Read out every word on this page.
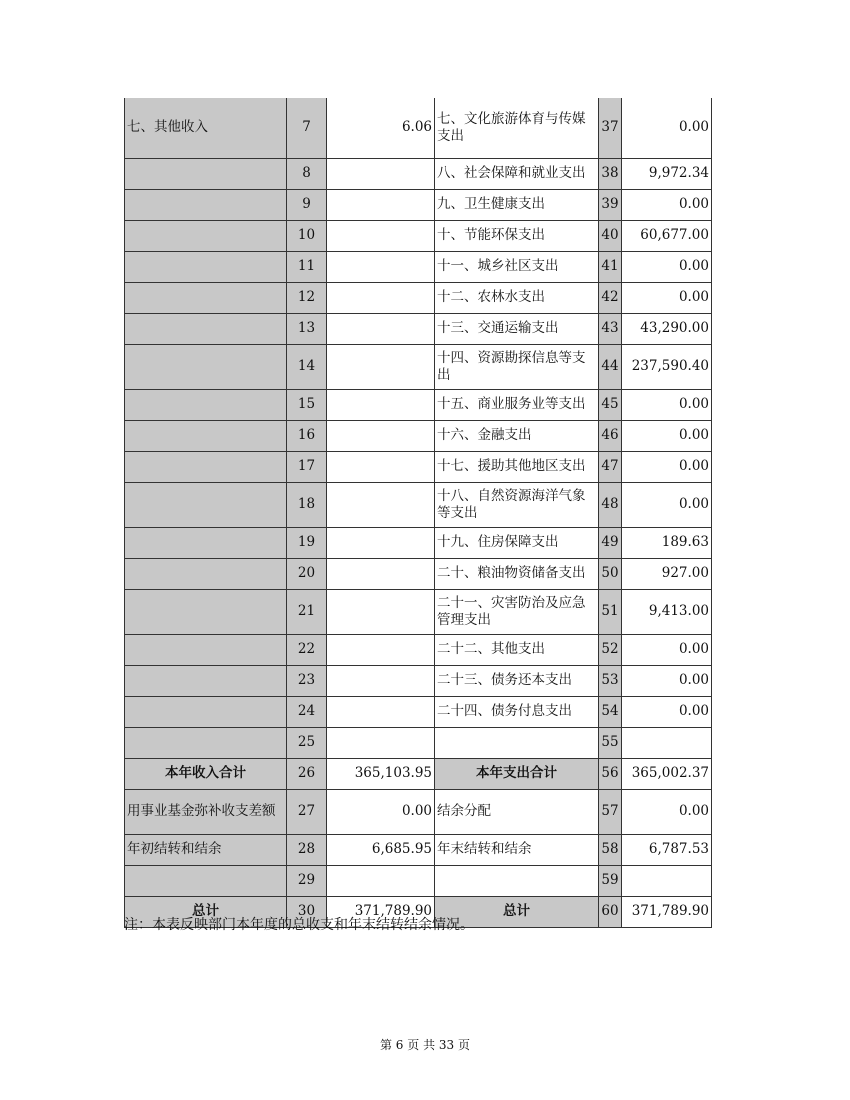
七、其他收入	7	6.06	七、文化旅游体育与传媒支出	37	0.00
	8		八、社会保障和就业支出	38	9,972.34
	9		九、卫生健康支出	39	0.00
	10		十、节能环保支出	40	60,677.00
	11		十一、城乡社区支出	41	0.00
	12		十二、农林水支出	42	0.00
	13		十三、交通运输支出	43	43,290.00
	14		十四、资源勘探信息等支出	44	237,590.40
	15		十五、商业服务业等支出	45	0.00
	16		十六、金融支出	46	0.00
	17		十七、援助其他地区支出	47	0.00
	18		十八、自然资源海洋气象等支出	48	0.00
	19		十九、住房保障支出	49	189.63
	20		二十、粮油物资储备支出	50	927.00
	21		二十一、灾害防治及应急管理支出	51	9,413.00
	22		二十二、其他支出	52	0.00
	23		二十三、债务还本支出	53	0.00
	24		二十四、债务付息支出	54	0.00
	25			55	
本年收入合计	26	365,103.95	本年支出合计	56	365,002.37
用事业基金弥补收支差额	27	0.00	结余分配	57	0.00
年初结转和结余	28	6,685.95	年末结转和结余	58	6,787.53
	29			59	
总计	30	371,789.90	总计	60	371,789.90
注：本表反映部门本年度的总收支和年末结转结余情况。
第 6 页 共 33 页
